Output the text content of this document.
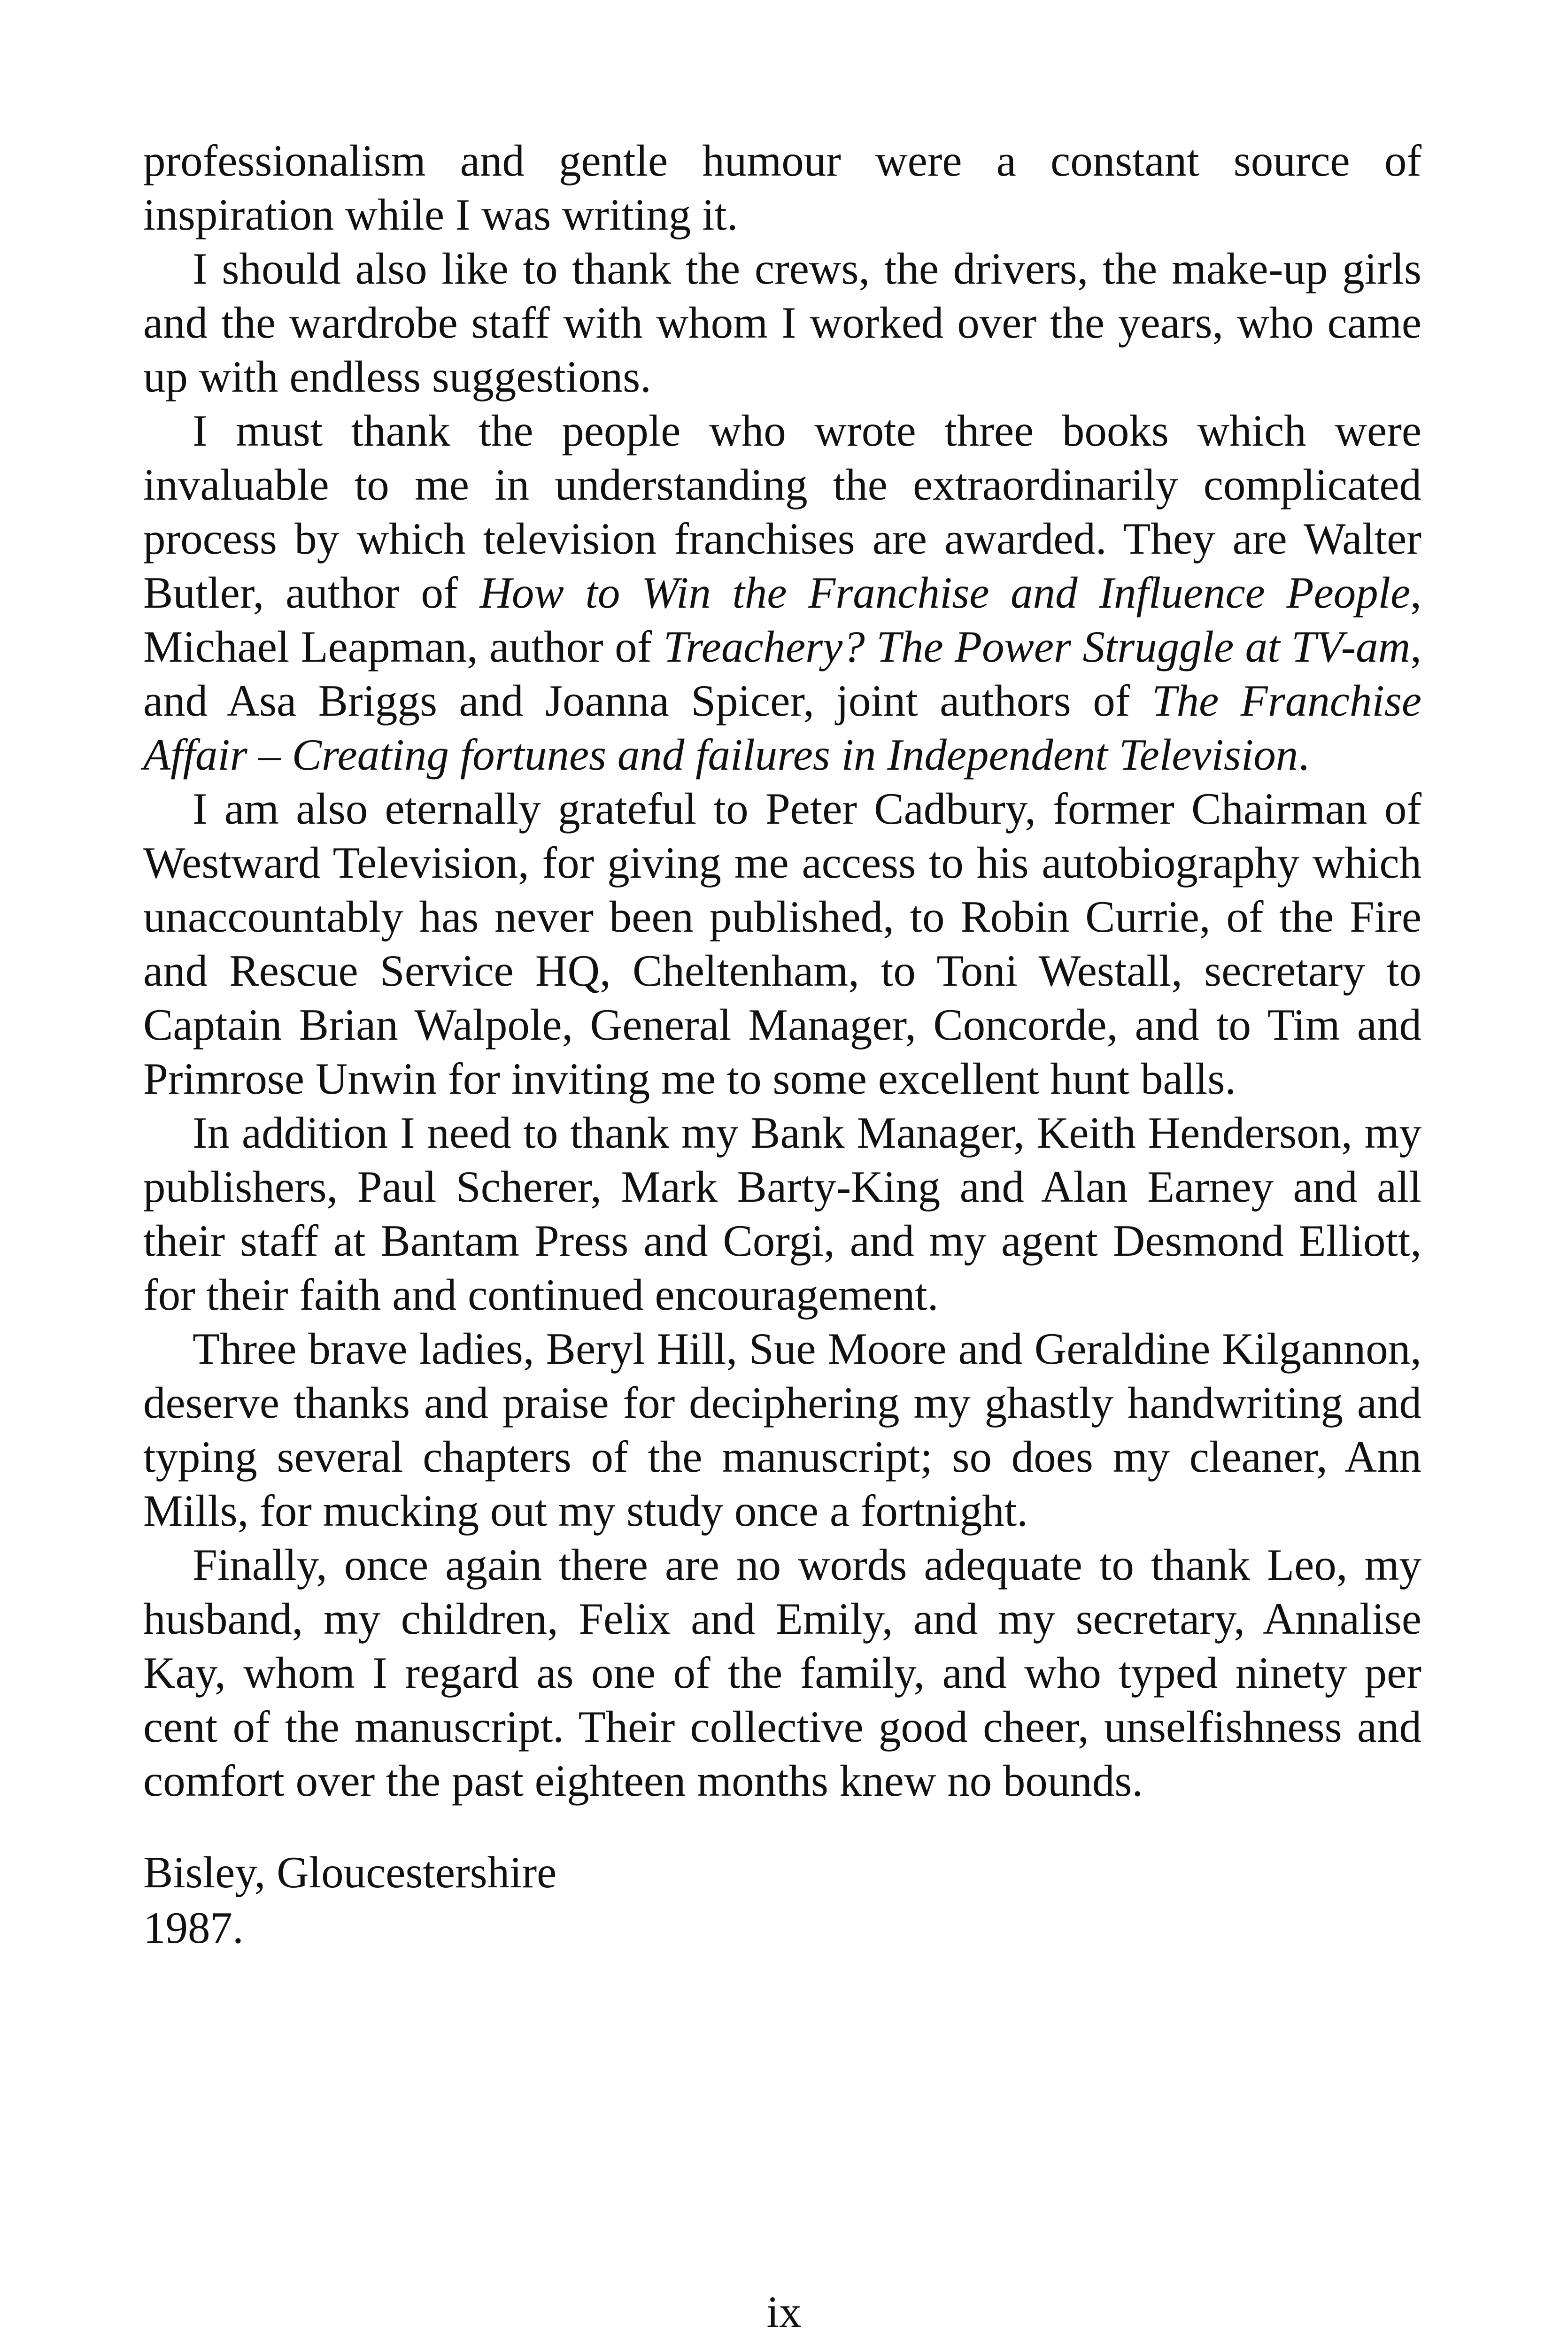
professionalism and gentle humour were a constant source of inspiration while I was writing it.

I should also like to thank the crews, the drivers, the make-up girls and the wardrobe staff with whom I worked over the years, who came up with endless suggestions.

I must thank the people who wrote three books which were invaluable to me in understanding the extraordinarily complicated process by which television franchises are awarded. They are Walter Butler, author of How to Win the Franchise and Influence People, Michael Leapman, author of Treachery? The Power Struggle at TV-am, and Asa Briggs and Joanna Spicer, joint authors of The Franchise Affair – Creating fortunes and failures in Independent Television.

I am also eternally grateful to Peter Cadbury, former Chairman of Westward Television, for giving me access to his autobiography which unaccountably has never been published, to Robin Currie, of the Fire and Rescue Service HQ, Cheltenham, to Toni Westall, secretary to Captain Brian Walpole, General Manager, Concorde, and to Tim and Primrose Unwin for inviting me to some excellent hunt balls.

In addition I need to thank my Bank Manager, Keith Henderson, my publishers, Paul Scherer, Mark Barty-King and Alan Earney and all their staff at Bantam Press and Corgi, and my agent Desmond Elliott, for their faith and continued encouragement.

Three brave ladies, Beryl Hill, Sue Moore and Geraldine Kilgannon, deserve thanks and praise for deciphering my ghastly handwriting and typing several chapters of the manuscript; so does my cleaner, Ann Mills, for mucking out my study once a fortnight.

Finally, once again there are no words adequate to thank Leo, my husband, my children, Felix and Emily, and my secretary, Annalise Kay, whom I regard as one of the family, and who typed ninety per cent of the manuscript. Their collective good cheer, unselfishness and comfort over the past eighteen months knew no bounds.

Bisley, Gloucestershire
1987.
ix
